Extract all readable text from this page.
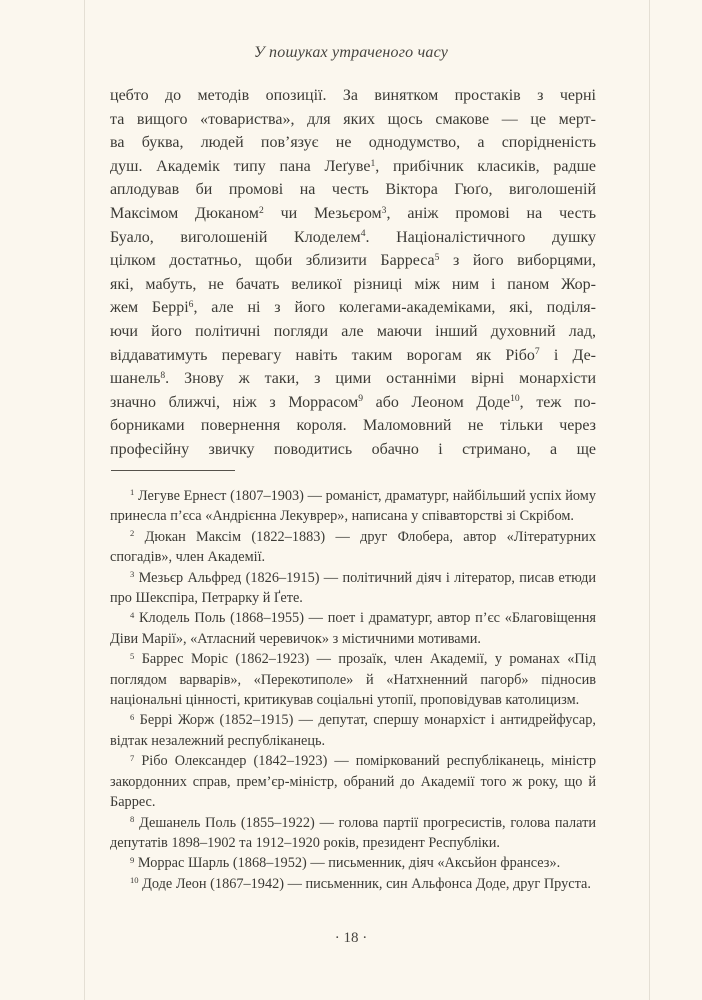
У пошуках утраченого часу
цебто до методів опозиції. За винятком простаків з черні
та вищого «товариства», для яких щось смакове — це мерт-
ва буква, людей пов’язує не однодумство, а спорідненість
душ. Академік типу пана Леґуве$^1$, прибічник класиків, радше
аплодував би промові на честь Віктора Гюґо, виголошеній
Максімом Дюканом$^2$ чи Мезьєром$^3$, аніж промові на честь
Буало, виголошеній Клоделем$^4$. Націоналістичного душку
цілком достатньо, щоби зблизити Барреса$^5$ з його виборцями,
які, мабуть, не бачать великої різниці між ним і паном Жор-
жем Беррі$^6$, але ні з його колегами-академіками, які, поділя-
ючи його політичні погляди але маючи інший духовний лад,
віддаватимуть перевагу навіть таким ворогам як Рібо$^7$ і Де-
шанель$^8$. Знову ж таки, з цими останніми вірні монархісти
значно ближчі, ніж з Моррасом$^9$ або Леоном Доде$^{10}$, теж по-
борниками повернення короля. Маломовний не тільки через
професійну звичку поводитись обачно і стримано, а ще

$^1$ Легуве Ернест (1807–1903) — романіст, драматург, найбільший успіх йому принесла п’єса «Андрієнна Лекуврер», написана у співавторстві зі Скрібом.

$^2$ Дюкан Максім (1822–1883) — друг Флобера, автор «Літературних спогадів», член Академії.

$^3$ Мезьєр Альфред (1826–1915) — політичний діяч і літератор, писав етюди про Шекспіра, Петрарку й Ґете.

$^4$ Клодель Поль (1868–1955) — поет і драматург, автор п’єс «Благовіщення Діви Марії», «Атласний черевичок» з містичними мотивами.

$^5$ Баррес Моріс (1862–1923) — прозаїк, член Академії, у романах «Під поглядом варварів», «Перекотиполе» й «Натхненний пагорб» підносив національні цінності, критикував соціальні утопії, проповідував католицизм.

$^6$ Беррі Жорж (1852–1915) — депутат, спершу монархіст і антидрейфусар, відтак незалежний республіканець.

$^7$ Рібо Олександер (1842–1923) — поміркований республіканець, міністр закордонних справ, прем’єр-міністр, обраний до Академії того ж року, що й Баррес.

$^8$ Дешанель Поль (1855–1922) — голова партії прогресистів, голова палати депутатів 1898–1902 та 1912–1920 років, президент Республіки.

$^9$ Моррас Шарль (1868–1952) — письменник, діяч «Аксьйон франсез».

$^{10}$ Доде Леон (1867–1942) — письменник, син Альфонса Доде, друг Пруста.

· 18 ·
